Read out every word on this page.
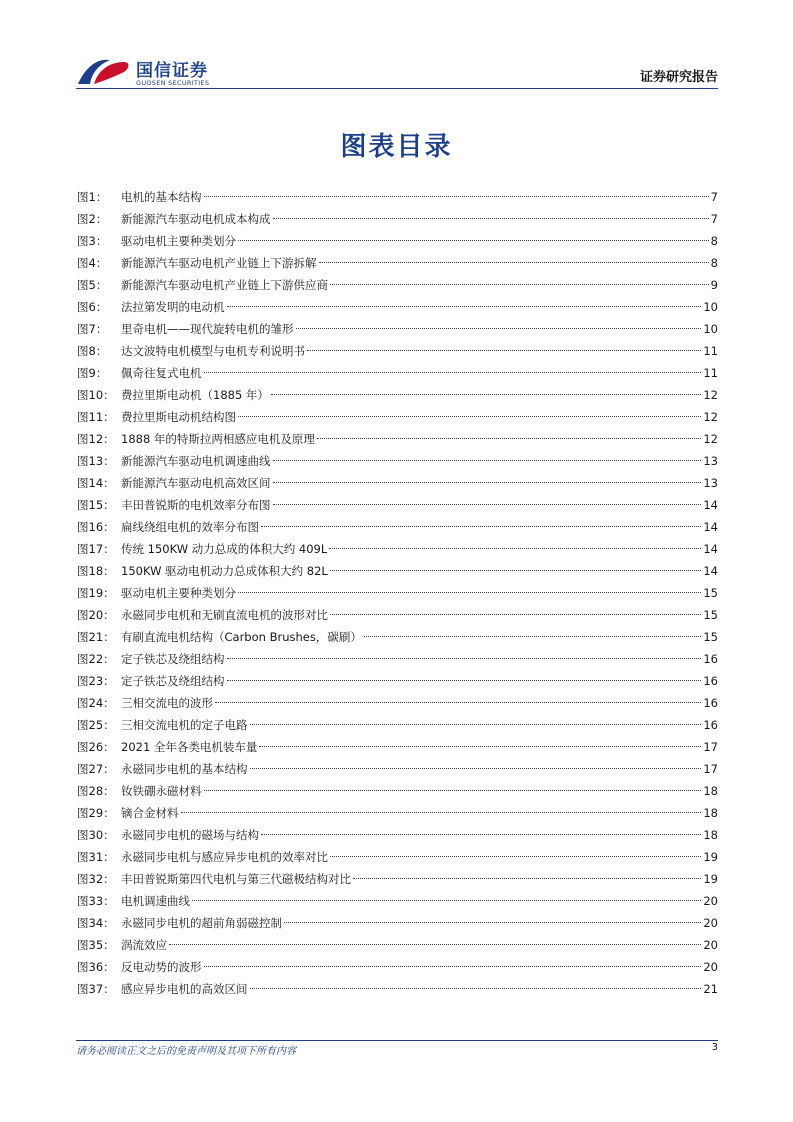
国信证券
GUOSEN SECURITIES	证券研究报告
图表目录
图1：	电机的基本结构	7
图2：	新能源汽车驱动电机成本构成	7
图3：	驱动电机主要种类划分	8
图4：	新能源汽车驱动电机产业链上下游拆解	8
图5：	新能源汽车驱动电机产业链上下游供应商	9
图6：	法拉第发明的电动机	10
图7：	里奇电机——现代旋转电机的雏形	10
图8：	达文波特电机模型与电机专利说明书	11
图9：	佩奇往复式电机	11
图10： 费拉里斯电动机（1885 年）	12
图11： 费拉里斯电动机结构图	12
图12： 1888 年的特斯拉两相感应电机及原理	12
图13： 新能源汽车驱动电机调速曲线	13
图14： 新能源汽车驱动电机高效区间	13
图15： 丰田普锐斯的电机效率分布图	14
图16： 扁线绕组电机的效率分布图	14
图17： 传统 150KW 动力总成的体积大约 409L	14
图18： 150KW 驱动电机动力总成体积大约 82L	14
图19： 驱动电机主要种类划分	15
图20： 永磁同步电机和无刷直流电机的波形对比	15
图21： 有刷直流电机结构（Carbon Brushes，碳刷）	15
图22： 定子铁芯及绕组结构	16
图23： 定子铁芯及绕组结构	16
图24： 三相交流电的波形	16
图25： 三相交流电机的定子电路	16
图26： 2021 全年各类电机装车量	17
图27： 永磁同步电机的基本结构	17
图28： 钕铁硼永磁材料	18
图29： 镝合金材料	18
图30： 永磁同步电机的磁场与结构	18
图31： 永磁同步电机与感应异步电机的效率对比	19
图32： 丰田普锐斯第四代电机与第三代磁极结构对比	19
图33： 电机调速曲线	20
图34： 永磁同步电机的超前角弱磁控制	20
图35： 涡流效应	20
图36： 反电动势的波形	20
图37： 感应异步电机的高效区间	21
请务必阅读正文之后的免责声明及其项下所有内容	3
